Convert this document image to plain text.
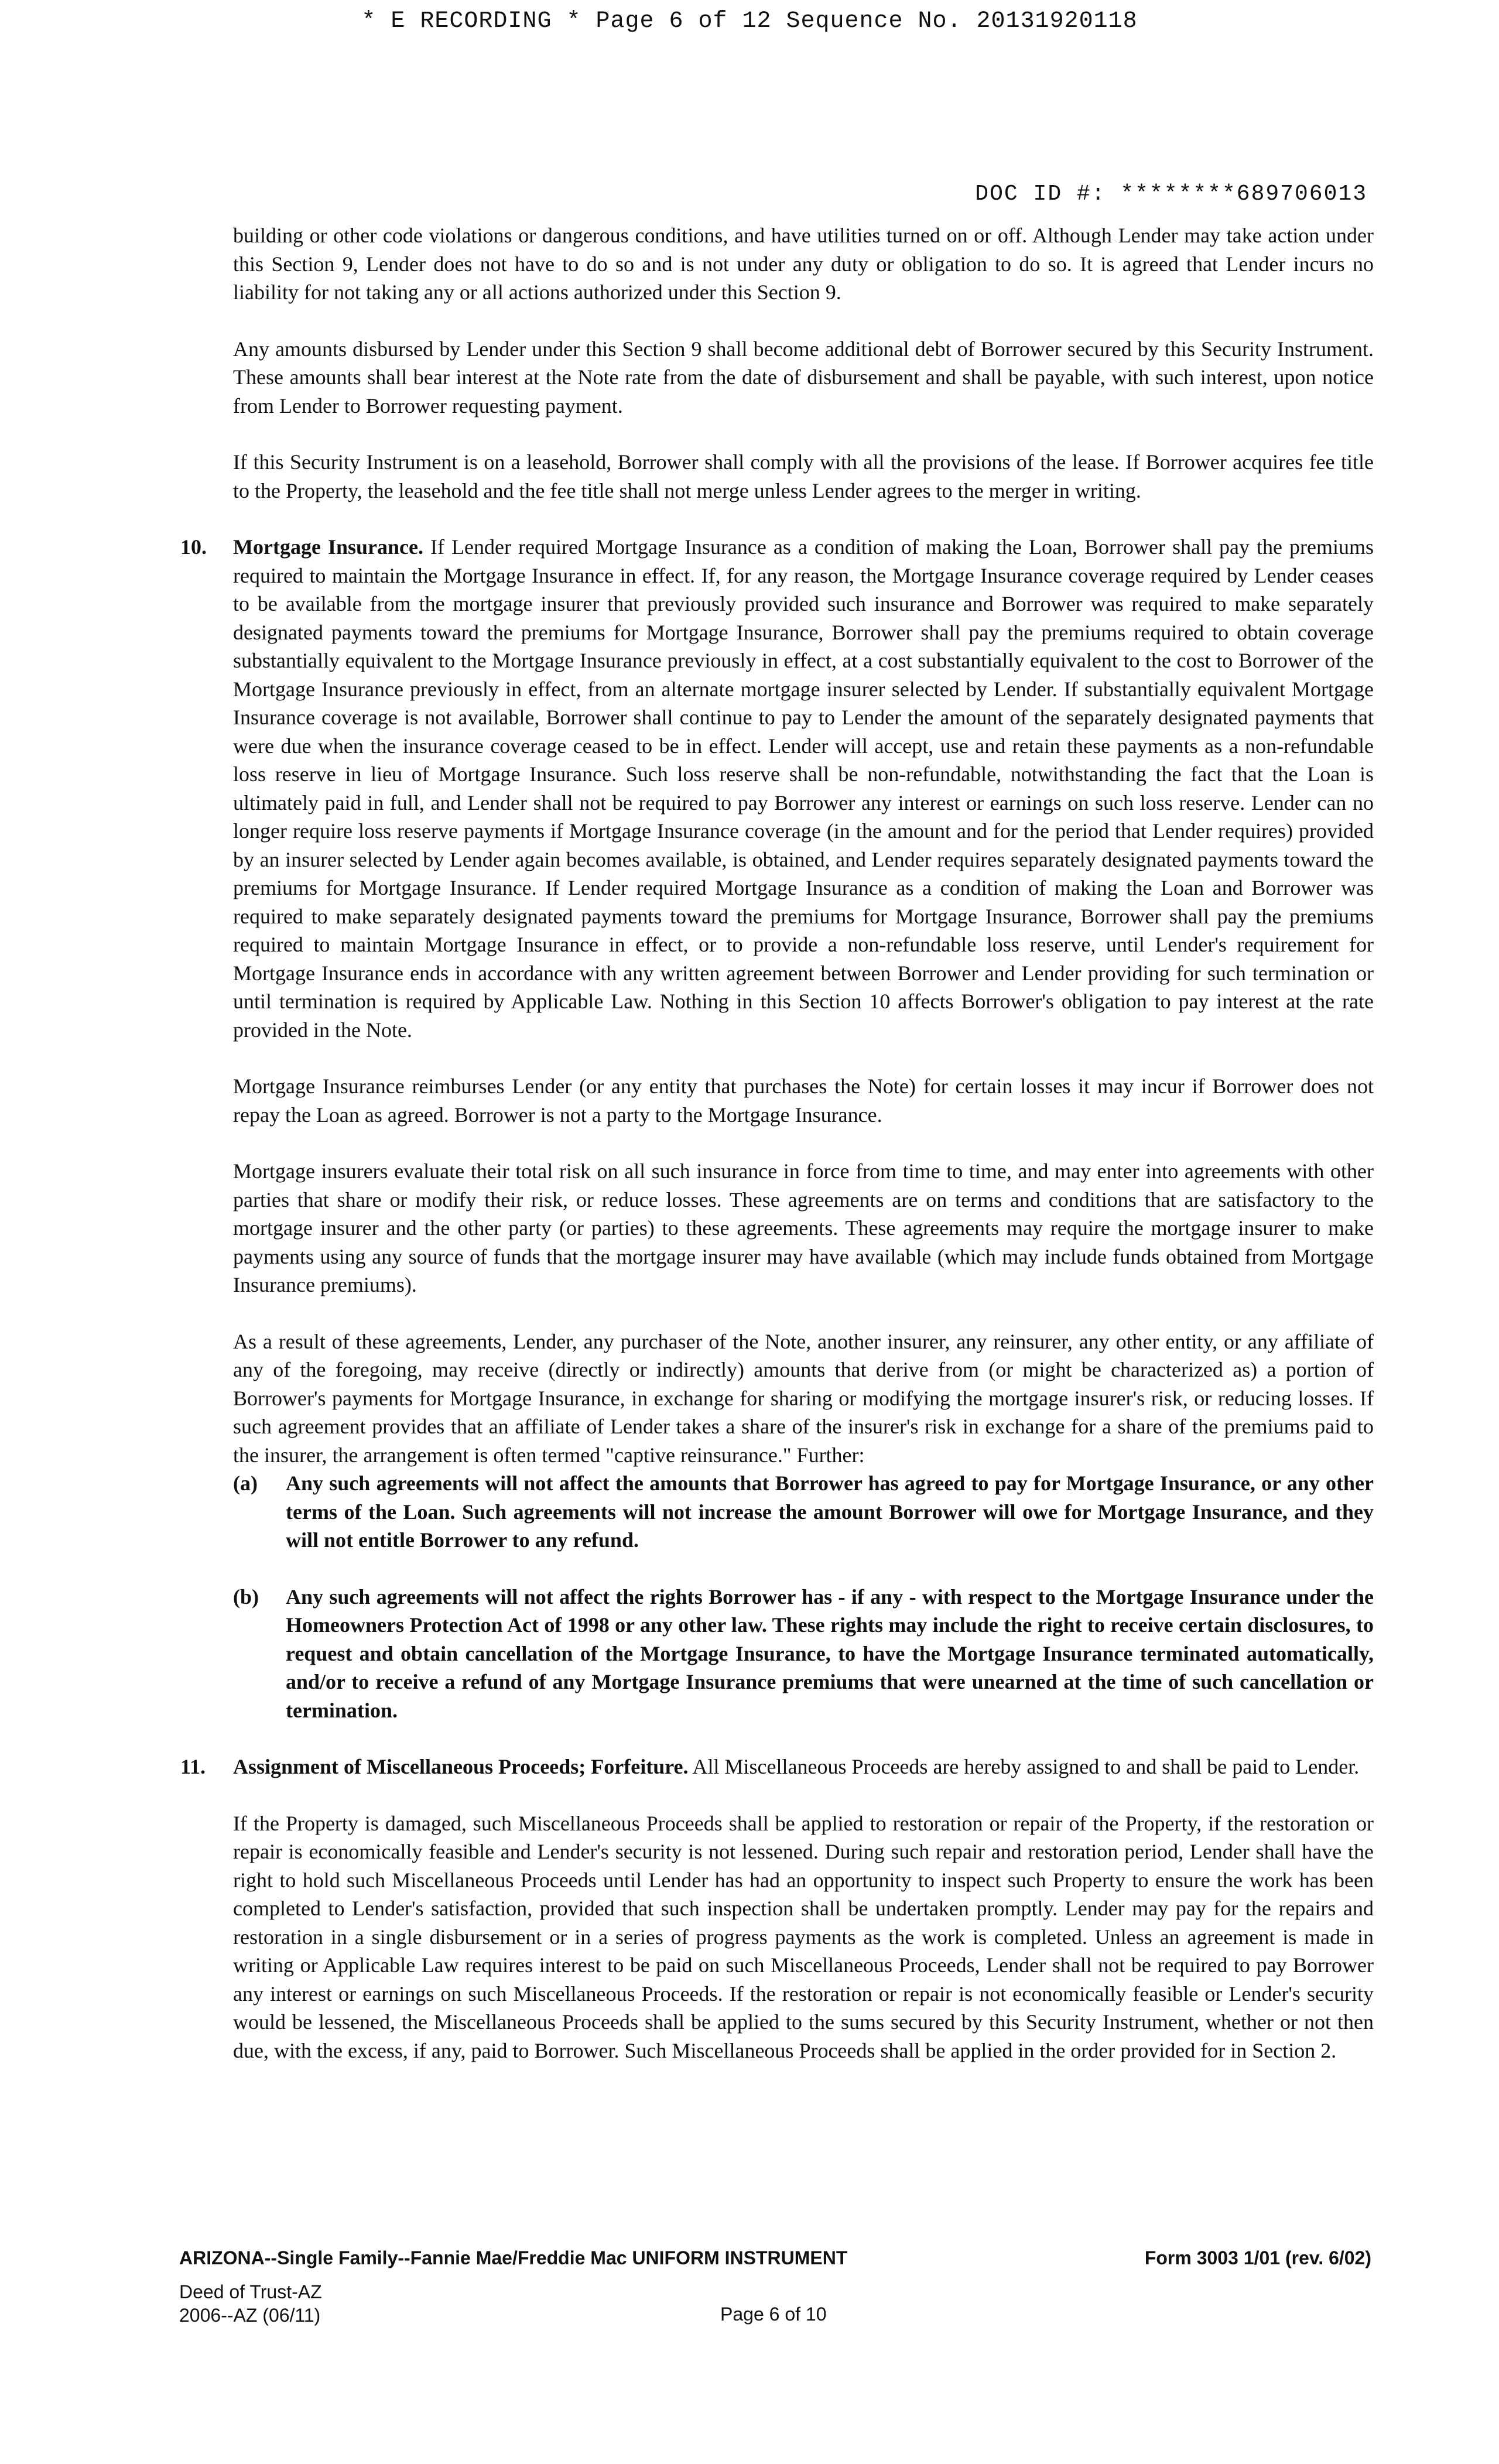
* E RECORDING * Page 6 of 12 Sequence No. 20131920118
DOC ID #: ********689706013

building or other code violations or dangerous conditions, and have utilities turned on or off. Although Lender may take action under this Section 9, Lender does not have to do so and is not under any duty or obligation to do so. It is agreed that Lender incurs no liability for not taking any or all actions authorized under this Section 9.

Any amounts disbursed by Lender under this Section 9 shall become additional debt of Borrower secured by this Security Instrument. These amounts shall bear interest at the Note rate from the date of disbursement and shall be payable, with such interest, upon notice from Lender to Borrower requesting payment.

If this Security Instrument is on a leasehold, Borrower shall comply with all the provisions of the lease. If Borrower acquires fee title to the Property, the leasehold and the fee title shall not merge unless Lender agrees to the merger in writing.

10. Mortgage Insurance. If Lender required Mortgage Insurance as a condition of making the Loan, Borrower shall pay the premiums required to maintain the Mortgage Insurance in effect. If, for any reason, the Mortgage Insurance coverage required by Lender ceases to be available from the mortgage insurer that previously provided such insurance and Borrower was required to make separately designated payments toward the premiums for Mortgage Insurance, Borrower shall pay the premiums required to obtain coverage substantially equivalent to the Mortgage Insurance previously in effect, at a cost substantially equivalent to the cost to Borrower of the Mortgage Insurance previously in effect, from an alternate mortgage insurer selected by Lender. If substantially equivalent Mortgage Insurance coverage is not available, Borrower shall continue to pay to Lender the amount of the separately designated payments that were due when the insurance coverage ceased to be in effect. Lender will accept, use and retain these payments as a non-refundable loss reserve in lieu of Mortgage Insurance. Such loss reserve shall be non-refundable, notwithstanding the fact that the Loan is ultimately paid in full, and Lender shall not be required to pay Borrower any interest or earnings on such loss reserve. Lender can no longer require loss reserve payments if Mortgage Insurance coverage (in the amount and for the period that Lender requires) provided by an insurer selected by Lender again becomes available, is obtained, and Lender requires separately designated payments toward the premiums for Mortgage Insurance. If Lender required Mortgage Insurance as a condition of making the Loan and Borrower was required to make separately designated payments toward the premiums for Mortgage Insurance, Borrower shall pay the premiums required to maintain Mortgage Insurance in effect, or to provide a non-refundable loss reserve, until Lender's requirement for Mortgage Insurance ends in accordance with any written agreement between Borrower and Lender providing for such termination or until termination is required by Applicable Law. Nothing in this Section 10 affects Borrower's obligation to pay interest at the rate provided in the Note.

Mortgage Insurance reimburses Lender (or any entity that purchases the Note) for certain losses it may incur if Borrower does not repay the Loan as agreed. Borrower is not a party to the Mortgage Insurance.

Mortgage insurers evaluate their total risk on all such insurance in force from time to time, and may enter into agreements with other parties that share or modify their risk, or reduce losses. These agreements are on terms and conditions that are satisfactory to the mortgage insurer and the other party (or parties) to these agreements. These agreements may require the mortgage insurer to make payments using any source of funds that the mortgage insurer may have available (which may include funds obtained from Mortgage Insurance premiums).

As a result of these agreements, Lender, any purchaser of the Note, another insurer, any reinsurer, any other entity, or any affiliate of any of the foregoing, may receive (directly or indirectly) amounts that derive from (or might be characterized as) a portion of Borrower's payments for Mortgage Insurance, in exchange for sharing or modifying the mortgage insurer's risk, or reducing losses. If such agreement provides that an affiliate of Lender takes a share of the insurer's risk in exchange for a share of the premiums paid to the insurer, the arrangement is often termed "captive reinsurance." Further:

(a) Any such agreements will not affect the amounts that Borrower has agreed to pay for Mortgage Insurance, or any other terms of the Loan. Such agreements will not increase the amount Borrower will owe for Mortgage Insurance, and they will not entitle Borrower to any refund.

(b) Any such agreements will not affect the rights Borrower has - if any - with respect to the Mortgage Insurance under the Homeowners Protection Act of 1998 or any other law. These rights may include the right to receive certain disclosures, to request and obtain cancellation of the Mortgage Insurance, to have the Mortgage Insurance terminated automatically, and/or to receive a refund of any Mortgage Insurance premiums that were unearned at the time of such cancellation or termination.

11. Assignment of Miscellaneous Proceeds; Forfeiture. All Miscellaneous Proceeds are hereby assigned to and shall be paid to Lender.

If the Property is damaged, such Miscellaneous Proceeds shall be applied to restoration or repair of the Property, if the restoration or repair is economically feasible and Lender's security is not lessened. During such repair and restoration period, Lender shall have the right to hold such Miscellaneous Proceeds until Lender has had an opportunity to inspect such Property to ensure the work has been completed to Lender's satisfaction, provided that such inspection shall be undertaken promptly. Lender may pay for the repairs and restoration in a single disbursement or in a series of progress payments as the work is completed. Unless an agreement is made in writing or Applicable Law requires interest to be paid on such Miscellaneous Proceeds, Lender shall not be required to pay Borrower any interest or earnings on such Miscellaneous Proceeds. If the restoration or repair is not economically feasible or Lender's security would be lessened, the Miscellaneous Proceeds shall be applied to the sums secured by this Security Instrument, whether or not then due, with the excess, if any, paid to Borrower. Such Miscellaneous Proceeds shall be applied in the order provided for in Section 2.

ARIZONA--Single Family--Fannie Mae/Freddie Mac UNIFORM INSTRUMENT	Form 3003 1/01 (rev. 6/02)
Deed of Trust-AZ
2006--AZ (06/11)	Page 6 of 10
